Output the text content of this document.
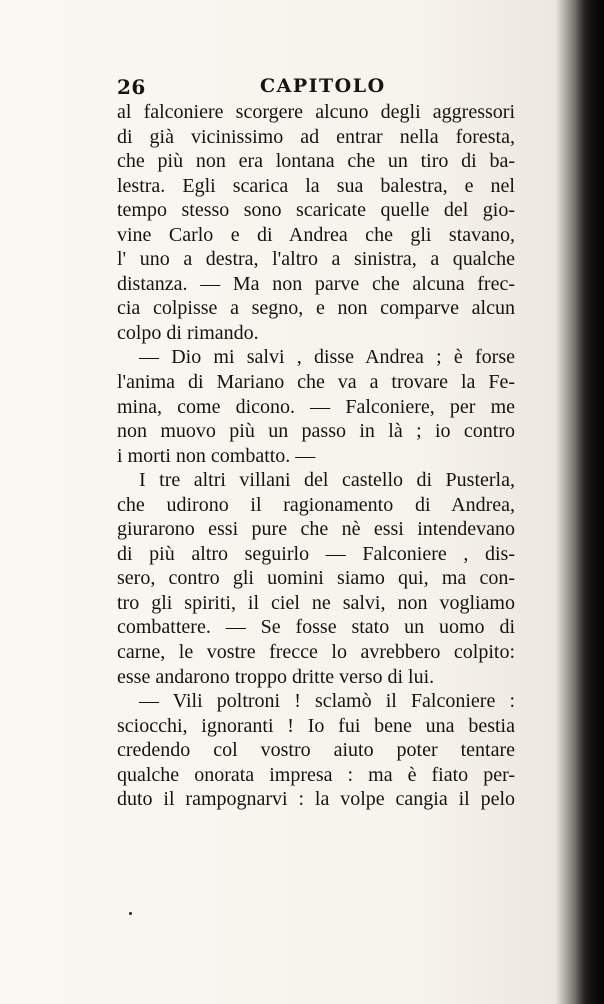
26	CAPITOLO
al falconiere scorgere alcuno degli aggressori
di già vicinissimo ad entrar nella foresta,
che più non era lontana che un tiro di ba-
lestra. Egli scarica la sua balestra, e nel
tempo stesso sono scaricate quelle del gio-
vine Carlo e di Andrea che gli stavano,
l' uno a destra, l'altro a sinistra, a qualche
distanza. — Ma non parve che alcuna frec-
cia colpisse a segno, e non comparve alcun
colpo di rimando.
— Dio mi salvi , disse Andrea ; è forse
l'anima di Mariano che va a trovare la Fe-
mina, come dicono. — Falconiere, per me
non muovo più un passo in là ; io contro
i morti non combatto. —
I tre altri villani del castello di Pusterla,
che udirono il ragionamento di Andrea,
giurarono essi pure che nè essi intendevano
di più altro seguirlo — Falconiere , dis-
sero, contro gli uomini siamo qui, ma con-
tro gli spiriti, il ciel ne salvi, non vogliamo
combattere. — Se fosse stato un uomo di
carne, le vostre frecce lo avrebbero colpito:
esse andarono troppo dritte verso di lui.
— Vili poltroni ! sclamò il Falconiere :
sciocchi, ignoranti ! Io fui bene una bestia
credendo col vostro aiuto poter tentare
qualche onorata impresa : ma è fiato per-
duto il rampognarvi : la volpe cangia il pelo
